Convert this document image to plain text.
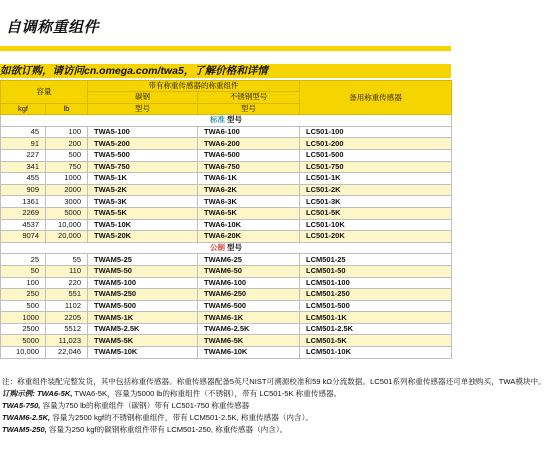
自调称重组件
如欲订购，请访问cn.omega.com/twa5，了解价格和详情
容量		带有称重传感器的称重组件		备用称重传感器
		碳钢	不锈钢型号	
kgf	lb	型号	型号	
标准 型号				
45	100	TWA5-100	TWA6-100	LC501-100
91	200	TWA5-200	TWA6-200	LC501-200
227	500	TWA5-500	TWA6-500	LC501-500
341	750	TWA5-750	TWA6-750	LC501-750
455	1000	TWA5-1K	TWA6-1K	LC501-1K
909	2000	TWA5-2K	TWA6-2K	LC501-2K
1361	3000	TWA5-3K	TWA6-3K	LC501-3K
2269	5000	TWA5-5K	TWA6-5K	LC501-5K
4537	10,000	TWA5-10K	TWA6-10K	LC501-10K
9074	20,000	TWA5-20K	TWA6-20K	LC501-20K
公制 型号				
25	55	TWAM5-25	TWAM6-25	LCM501-25
50	110	TWAM5-50	TWAM6-50	LCM501-50
100	220	TWAM5-100	TWAM6-100	LCM501-100
250	551	TWAM5-250	TWAM6-250	LCM501-250
500	1102	TWAM5-500	TWAM6-500	LCM501-500
1000	2205	TWAM5-1K	TWAM6-1K	LCM501-1K
2500	5512	TWAM5-2.5K	TWAM6-2.5K	LCM501-2.5K
5000	11,023	TWAM5-5K	TWAM6-5K	LCM501-5K
10,000	22,046	TWAM5-10K	TWAM6-10K	LCM501-10K
注：称重组件装配完整发货，其中包括称重传感器。称重传感器配备5英尺NIST可溯源校准和59 kΩ分流数据。LC501系列称重传感器还可单独购买，TWA模块中。
订购示例: TWA6-5K, TWA6-5K，容量为5000 lb的称重组件（不锈钢），带有 LC501-5K 称重传感器。
TWA5-750, 容量为750 lb的称重组件（碳钢）带有 LC501-750 称重传感器
TWAM6-2.5K, 容量为2500 kgf的不锈钢称重组件，带有 LCM501-2.5K, 称重传感器（内含）。
TWAM5-250, 容量为250 kgf的碳钢称重组件带有 LCM501-250, 称重传感器（内含）。
